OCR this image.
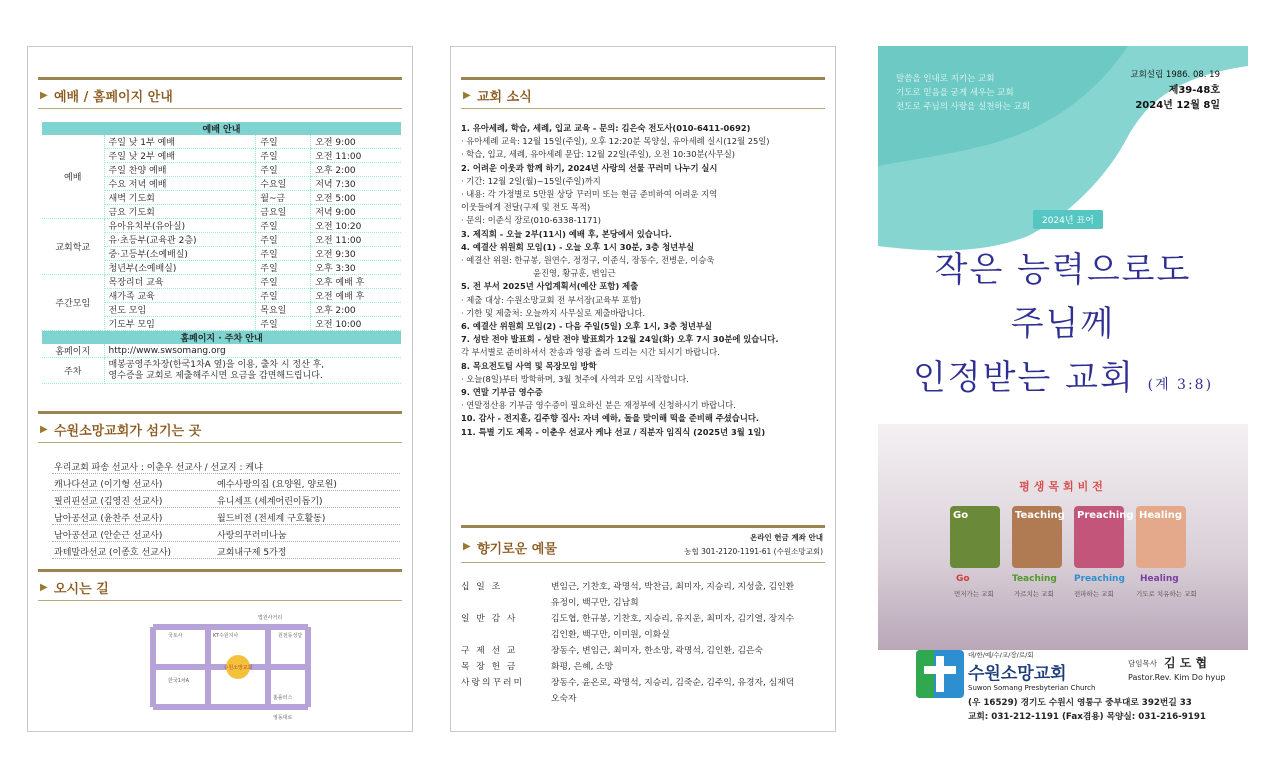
▶ 예배 / 홈페이지 안내
예배 안내			
예배	주일 낮 1부 예배	주일	오전 9:00
	주일 낮 2부 예배	주일	오전 11:00
	주일 찬양 예배	주일	오후 2:00
	수요 저녁 예배	수요일	저녁 7:30
	새벽 기도회	월~금	오전 5:00
	금요 기도회	금요일	저녁 9:00
교회학교	유아유치부(유아실)	주일	오전 10:20
	유·초등부(교육관 2층)	주일	오전 11:00
	중·고등부(소예배실)	주일	오전 9:30
	청년부(소예배실)	주일	오후 3:30
주간모임	목장리더 교육	주일	오후 예배 후
	새가족 교육	주일	오전 예배 후
	전도 모임	목요일	오후 2:00
	기도부 모임	주일	오전 10:00
홈페이지 · 주차 안내			
홈페이지	http://www.swsomang.org		
주차	매봉공영주차장(한국1차A 옆)을 이용, 출차 시 정산 후,
영수증을 교회로 제출해주시면 요금을 감면해드립니다.		
▶ 수원소망교회가 섬기는 곳
우리교회 파송 선교사 : 이춘우 선교사 / 선교지 : 케냐
캐나다선교 (이기형 선교사)	예수사랑의집 (요양원, 양로원)
필리핀선교 (김영진 선교사)	유니세프 (세계어린이돕기)
남아공선교 (윤찬주 선교사)	월드비전 (전세계 구호활동)
남아공선교 (안순근 선교사)	사랑의꾸러미나눔
과테말라선교 (이종호 선교사)	교회내구제 5가정
▶ 오시는 길
수원소망교회
법원사거리
KT수원지사	원천동성당
국토사
한국1차A
홈플러스
영동대로
▶ 교회 소식
1. 유아세례, 학습, 세례, 입교 교육 - 문의: 김은숙 전도사(010-6411-0692)
· 유아세례 교육: 12월 15일(주일), 오후 12:20분 목양실, 유아세례 실시(12월 25일)
· 학습, 입교, 세례, 유아세례 문답: 12월 22일(주일), 오전 10:30분(사무실)
2. 어려운 이웃과 함께 하기, 2024년 사랑의 선물 꾸러미 나누기 실시
· 기간: 12월 2일(월)~15일(주일)까지
· 내용: 각 가정별로 5만원 상당 꾸러미 또는 현금 준비하여 어려운 지역
이웃들에게 전달(구제 및 전도 목적)
· 문의: 이준식 장로(010-6338-1171)
3. 제직회 - 오늘 2부(11시) 예배 후, 본당에서 있습니다.
4. 예결산 위원회 모임(1) - 오늘 오후 1시 30분, 3층 청년부실
· 예결산 위원: 한규봉, 원연수, 정정구, 이준식, 장동수, 전병운, 이승욱
윤진영, 황규훈, 변임근
5. 전 부서 2025년 사업계획서(예산 포함) 제출
· 제출 대상: 수원소망교회 전 부서장(교육부 포함)
· 기한 및 제출처: 오늘까지 사무실로 제출바랍니다.
6. 예결산 위원회 모임(2) - 다음 주일(5일) 오후 1시, 3층 청년부실
7. 성탄 전야 발표회 - 성탄 전야 발표회가 12월 24일(화) 오후 7시 30분에 있습니다.
각 부서별로 준비하셔서 찬송과 영광 올려 드리는 시간 되시기 바랍니다.
8. 목요전도팀 사역 및 목장모임 방학
· 오늘(8일)부터 방학하며, 3월 첫주에 사역과 모임 시작합니다.
9. 연말 기부금 영수증
· 연말정산용 기부금 영수증이 필요하신 분은 재정부에 신청하시기 바랍니다.
10. 감사 - 전지훈, 김주향 집사: 자녀 예하, 돌을 맞이해 떡을 준비해 주셨습니다.
11. 특별 기도 제목 - 이춘우 선교사 케냐 선교 / 직분자 임직식 (2025년 3월 1일)
▶ 향기로운 예물
온라인 헌금 계좌 안내
농협 301-2120-1191-61 (수원소망교회)
십 일 조	변임근, 기찬호, 곽명석, 박찬금, 최미자, 지승리, 지성출, 김인환
유정이, 백구만, 김남희
일 반 감 사	김도협, 한규봉, 기찬호, 지승리, 유지운, 최미자, 김기열, 장지수
김인환, 백구만, 이미원, 이화실
구 제 선 교	장동수, 변임근, 최미자, 한소망, 곽명석, 김인환, 김은숙
목 장 헌 금	화평, 은혜, 소망
사랑의꾸러미	장동수, 윤온로, 곽명석, 지승리, 김죽순, 김주익, 유경자, 심재덕
오숙자
말씀을 인내로 지키는 교회
기도로 믿음을 굳게 세우는 교회
전도로 주님의 사랑을 실천하는 교회
교회설립 1986. 08. 19
제39-48호
2024년 12월 8일
2024년 표어
작은 능력으로도
주님께
인정받는 교회 (계 3:8)
평생목회비전
Go	Teaching Preaching Healing
Go	Teaching Preaching Healing
먼저가는 교회	가르치는 교회	전파하는 교회	기도로 치유하는 교회
대/한/예/수/교/장/로/회
수원소망교회
Suwon Somang Presbyterian Church
담임목사 김 도 협
Pastor.Rev. Kim Do hyup
(우 16529) 경기도 수원시 영통구 중부대로 392번길 33
교회: 031-212-1191 (Fax겸용) 목양실: 031-216-9191
